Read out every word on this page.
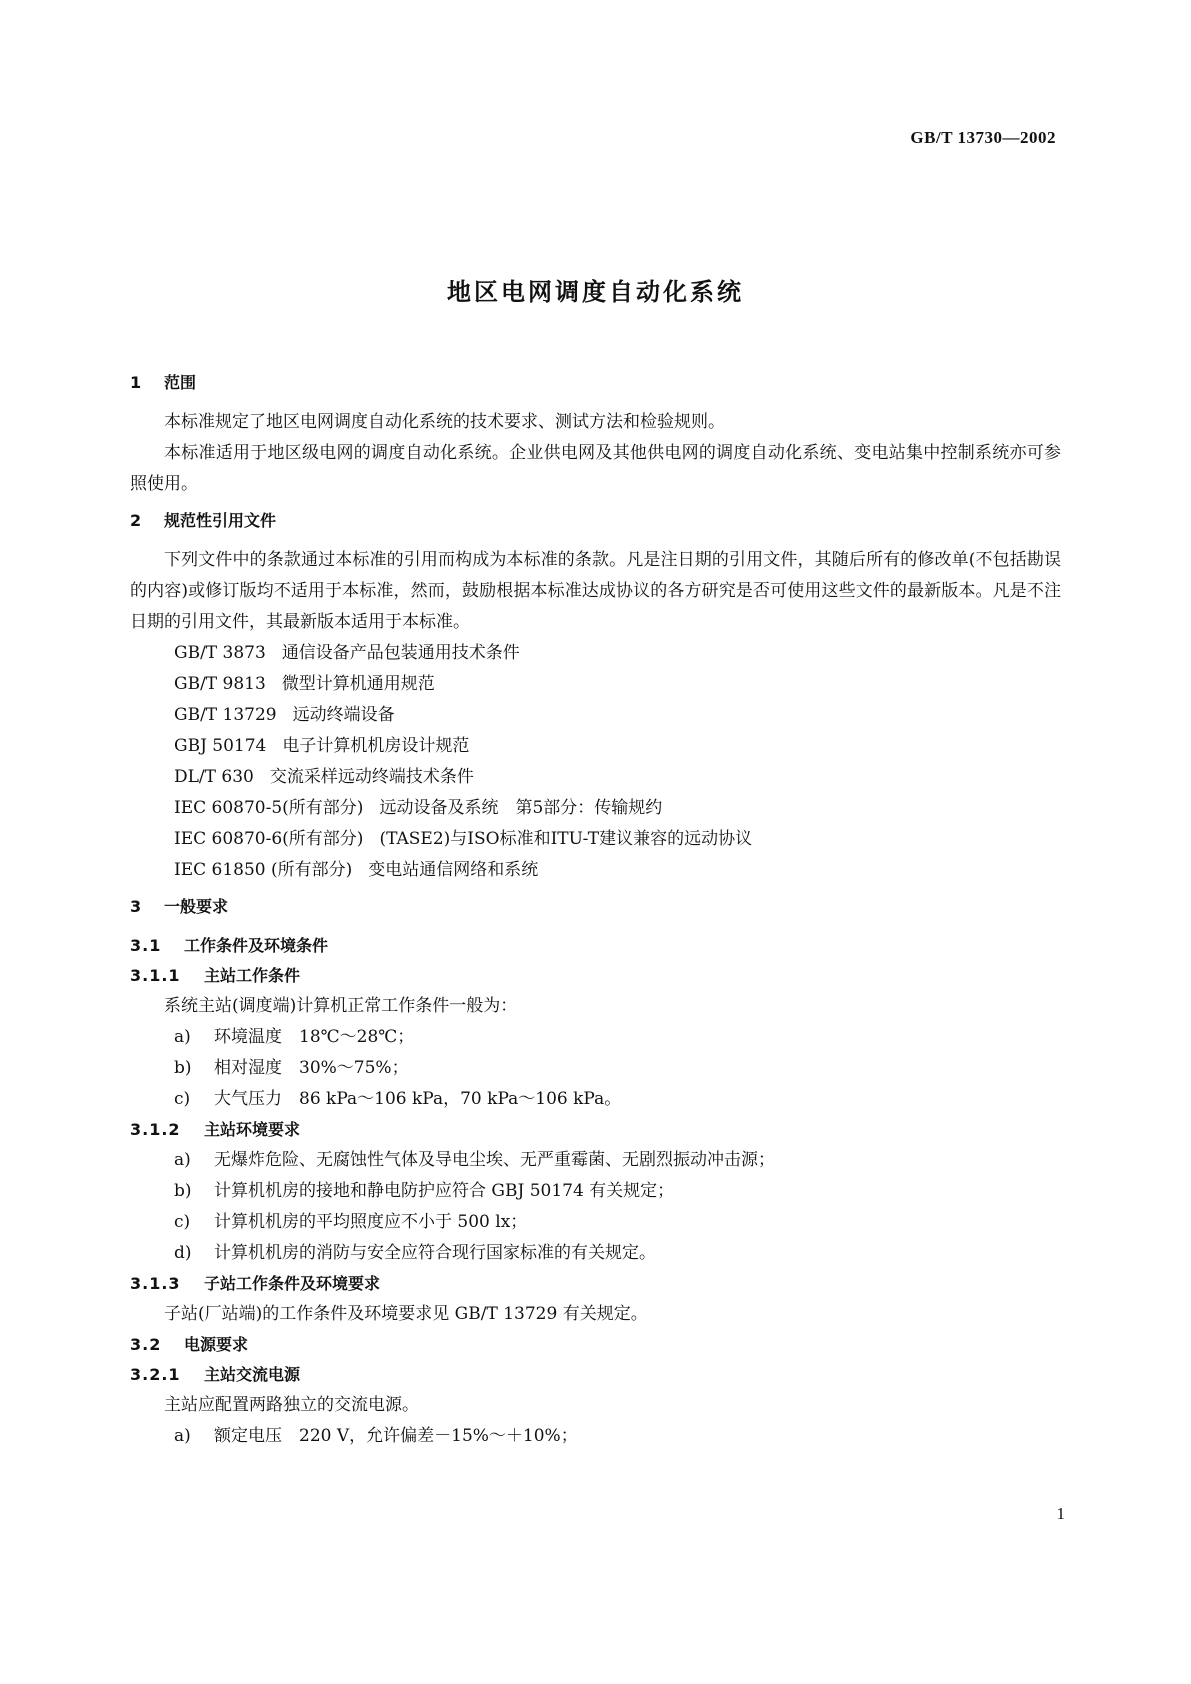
GB/T 13730—2002
地区电网调度自动化系统
1 范围
本标准规定了地区电网调度自动化系统的技术要求、测试方法和检验规则。
本标准适用于地区级电网的调度自动化系统。企业供电网及其他供电网的调度自动化系统、变电站集中控制系统亦可参照使用。
2 规范性引用文件
下列文件中的条款通过本标准的引用而构成为本标准的条款。凡是注日期的引用文件，其随后所有的修改单(不包括勘误的内容)或修订版均不适用于本标准，然而，鼓励根据本标准达成协议的各方研究是否可使用这些文件的最新版本。凡是不注日期的引用文件，其最新版本适用于本标准。
GB/T 3873 通信设备产品包装通用技术条件
GB/T 9813 微型计算机通用规范
GB/T 13729 远动终端设备
GBJ 50174 电子计算机机房设计规范
DL/T 630 交流采样远动终端技术条件
IEC 60870-5(所有部分) 远动设备及系统　第5部分：传输规约
IEC 60870-6(所有部分) (TASE2)与ISO标准和ITU-T建议兼容的远动协议
IEC 61850 (所有部分) 变电站通信网络和系统
3 一般要求
3.1 工作条件及环境条件
3.1.1 主站工作条件
系统主站(调度端)计算机正常工作条件一般为：
a) 环境温度　18℃～28℃；
b) 相对湿度　30%～75%；
c) 大气压力　86 kPa～106 kPa，70 kPa～106 kPa。
3.1.2 主站环境要求
a) 无爆炸危险、无腐蚀性气体及导电尘埃、无严重霉菌、无剧烈振动冲击源；
b) 计算机机房的接地和静电防护应符合 GBJ 50174 有关规定；
c) 计算机机房的平均照度应不小于 500 lx；
d) 计算机机房的消防与安全应符合现行国家标准的有关规定。
3.1.3 子站工作条件及环境要求
子站(厂站端)的工作条件及环境要求见 GB/T 13729 有关规定。
3.2 电源要求
3.2.1 主站交流电源
主站应配置两路独立的交流电源。
a) 额定电压　220 V，允许偏差－15%～＋10%；
1
